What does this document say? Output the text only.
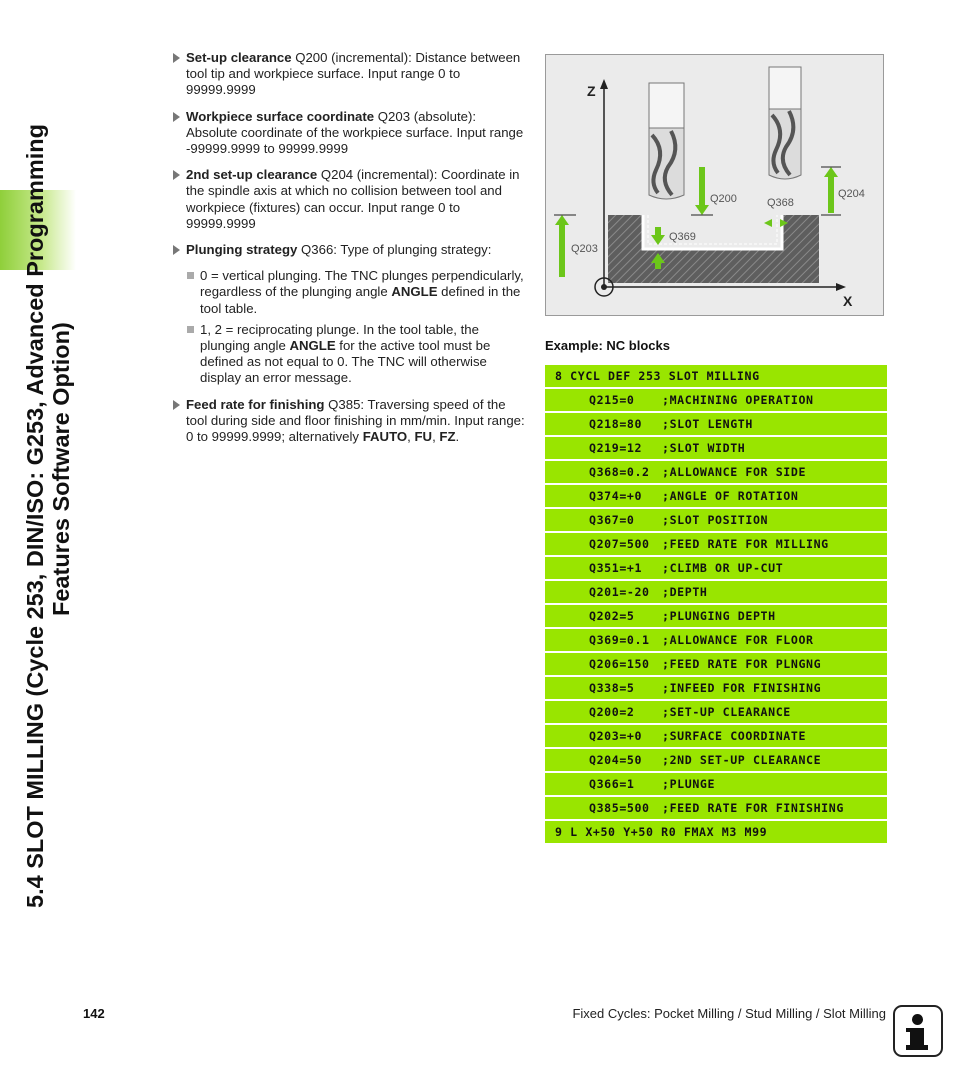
5.4 SLOT MILLING (Cycle 253, DIN/ISO: G253, Advanced Programming Features Software Option)
Set-up clearance Q200 (incremental): Distance between tool tip and workpiece surface. Input range 0 to 99999.9999
Workpiece surface coordinate Q203 (absolute): Absolute coordinate of the workpiece surface. Input range -99999.9999 to 99999.9999
2nd set-up clearance Q204 (incremental): Coordinate in the spindle axis at which no collision between tool and workpiece (fixtures) can occur. Input range 0 to 99999.9999
Plunging strategy Q366: Type of plunging strategy:
0 = vertical plunging. The TNC plunges perpendicularly, regardless of the plunging angle ANGLE defined in the tool table.
1, 2 = reciprocating plunge. In the tool table, the plunging angle ANGLE for the active tool must be defined as not equal to 0. The TNC will otherwise display an error message.
Feed rate for finishing Q385: Traversing speed of the tool during side and floor finishing in mm/min. Input range: 0 to 99999.9999; alternatively FAUTO, FU, FZ.
Z
X
Q200	Q368
Q204
Q369
Q203
Example: NC blocks
8 CYCL DEF 253 SLOT MILLING
Q215=0 ;MACHINING OPERATION
Q218=80 ;SLOT LENGTH
Q219=12 ;SLOT WIDTH
Q368=0.2 ;ALLOWANCE FOR SIDE
Q374=+0 ;ANGLE OF ROTATION
Q367=0 ;SLOT POSITION
Q207=500 ;FEED RATE FOR MILLING
Q351=+1 ;CLIMB OR UP-CUT
Q201=-20 ;DEPTH
Q202=5 ;PLUNGING DEPTH
Q369=0.1 ;ALLOWANCE FOR FLOOR
Q206=150 ;FEED RATE FOR PLNGNG
Q338=5 ;INFEED FOR FINISHING
Q200=2 ;SET-UP CLEARANCE
Q203=+0 ;SURFACE COORDINATE
Q204=50 ;2ND SET-UP CLEARANCE
Q366=1 ;PLUNGE
Q385=500 ;FEED RATE FOR FINISHING
9 L X+50 Y+50 R0 FMAX M3 M99
142	Fixed Cycles: Pocket Milling / Stud Milling / Slot Milling
